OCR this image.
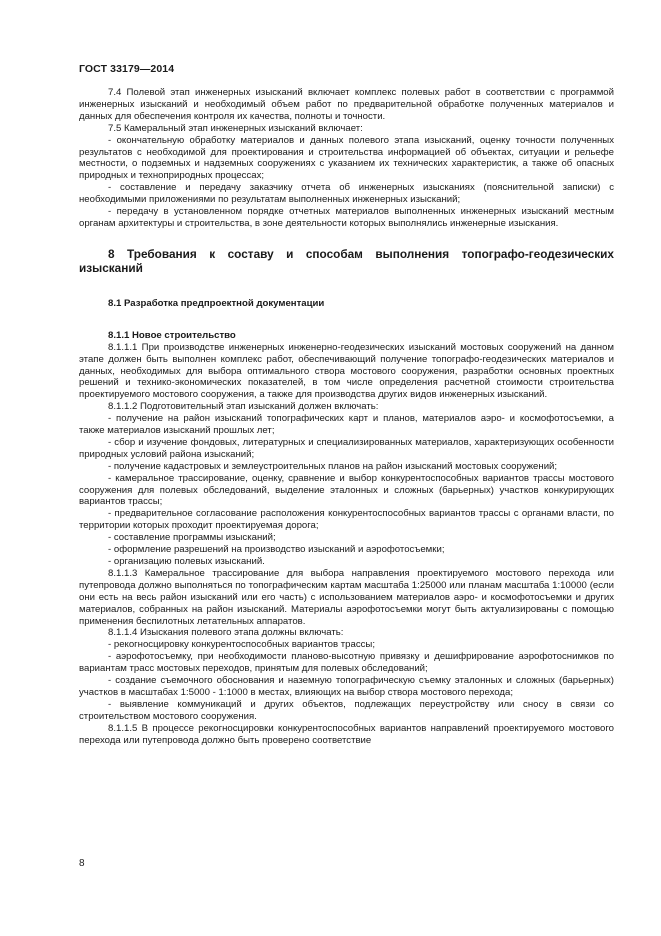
ГОСТ 33179—2014

7.4 Полевой этап инженерных изысканий включает комплекс полевых работ в соответствии с программой инженерных изысканий и необходимый объем работ по предварительной обработке полученных материалов и данных для обеспечения контроля их качества, полноты и точности.

7.5 Камеральный этап инженерных изысканий включает:

- окончательную обработку материалов и данных полевого этапа изысканий, оценку точности полученных результатов с необходимой для проектирования и строительства информацией об объектах, ситуации и рельефе местности, о подземных и надземных сооружениях с указанием их технических характеристик, а также об опасных природных и техноприродных процессах;

- составление и передачу заказчику отчета об инженерных изысканиях (пояснительной записки) с необходимыми приложениями по результатам выполненных инженерных изысканий;

- передачу в установленном порядке отчетных материалов выполненных инженерных изысканий местным органам архитектуры и строительства, в зоне деятельности которых выполнялись инженерные изыскания.

8 Требования к составу и способам выполнения топографо-геодезических изысканий

8.1 Разработка предпроектной документации

8.1.1 Новое строительство

8.1.1.1 При производстве инженерных инженерно-геодезических изысканий мостовых сооружений на данном этапе должен быть выполнен комплекс работ, обеспечивающий получение топографо-геодезических материалов и данных, необходимых для выбора оптимального створа мостового сооружения, разработки основных проектных решений и технико-экономических показателей, в том числе определения расчетной стоимости строительства проектируемого мостового сооружения, а также для производства других видов инженерных изысканий.

8.1.1.2 Подготовительный этап изысканий должен включать:

- получение на район изысканий топографических карт и планов, материалов аэро- и космофотосъемки, а также материалов изысканий прошлых лет;

- сбор и изучение фондовых, литературных и специализированных материалов, характеризующих особенности природных условий района изысканий;

- получение кадастровых и землеустроительных планов на район изысканий мостовых сооружений;

- камеральное трассирование, оценку, сравнение и выбор конкурентоспособных вариантов трассы мостового сооружения для полевых обследований, выделение эталонных и сложных (барьерных) участков конкурирующих вариантов трассы;

- предварительное согласование расположения конкурентоспособных вариантов трассы с органами власти, по территории которых проходит проектируемая дорога;

- составление программы изысканий;

- оформление разрешений на производство изысканий и аэрофотосъемки;

- организацию полевых изысканий.

8.1.1.3 Камеральное трассирование для выбора направления проектируемого мостового перехода или путепровода должно выполняться по топографическим картам масштаба 1:25000 или планам масштаба 1:10000 (если они есть на весь район изысканий или его часть) с использованием материалов аэро- и космофотосъемки и других материалов, собранных на район изысканий. Материалы аэрофотосъемки могут быть актуализированы с помощью применения беспилотных летательных аппаратов.

8.1.1.4 Изыскания полевого этапа должны включать:

- рекогносцировку конкурентоспособных вариантов трассы;

- аэрофотосъемку, при необходимости планово-высотную привязку и дешифрирование аэрофотоснимков по вариантам трасс мостовых переходов, принятым для полевых обследований;

- создание съемочного обоснования и наземную топографическую съемку эталонных и сложных (барьерных) участков в масштабах 1:5000 - 1:1000 в местах, влияющих на выбор створа мостового перехода;

- выявление коммуникаций и других объектов, подлежащих переустройству или сносу в связи со строительством мостового сооружения.

8.1.1.5 В процессе рекогносцировки конкурентоспособных вариантов направлений проектируемого мостового перехода или путепровода должно быть проверено соответствие

8
